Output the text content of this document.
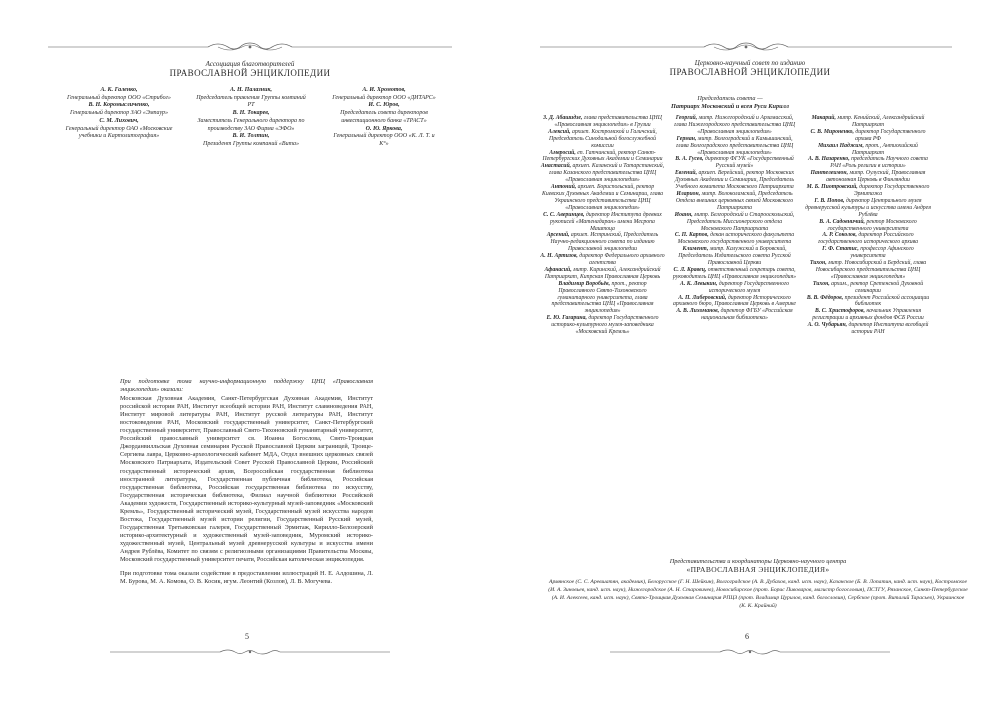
Ассоциация благотворителей
ПРАВОСЛАВНОЙ ЭНЦИКЛОПЕДИИ
А. К. Галенко,
Генеральный директор ООО «Стрибог»
В. Н. Коромысличенко,
Генеральный директор ЗАО «Эмпаур»
С. М. Лихович,
Генеральный директор ОАО «Московские учебники и Картолитография»
А. Н. Палазник,
Председатель правления Группы компаний РТ
В. Н. Токарев,
Заместитель Генерального директора по производству ЗАО Фирма «ЭФО»
В. И. Толтин,
Президент Группы компаний «Вита»
А. И. Хромотов,
Генеральный директор ООО «ДИТАРС»
И. С. Юров,
Председатель совета директоров инвестиционного банка «ТРАСТ»
О. Ю. Яркова,
Генеральный директор ООО «К. Л. Т. и К°»

При подготовке тома научно-информационную поддержку ЦНЦ «Православная энциклопедия» оказали:

Московская Духовная Академия, Санкт-Петербургская Духовная Академия, Институт российской истории РАН, Институт всеобщей истории РАН, Институт славяноведения РАН, Институт мировой литературы РАН, Институт русской литературы РАН, Институт востоковедения РАН, Московский государственный университет, Санкт-Петербургский государственный университет, Православный Свято-Тихоновский гуманитарный университет, Российский православный университет св. Иоанна Богослова, Свято-Троицкая Джорданвилльская Духовная семинария Русской Православной Церкви заграницей, Троице-Сергиева лавра, Церковно-археологический кабинет МДА, Отдел внешних церковных связей Московского Патриархата, Издательский Совет Русской Православной Церкви, Российский государственный исторический архив, Всероссийская государственная библиотека иностранной литературы, Государственная публичная библиотека, Российская государственная библиотека, Российская государственная библиотека по искусству, Государственная историческая библиотека, Филиал научной библиотеки Российской Академии художеств, Государственный историко-культурный музей-заповедник «Московский Кремль», Государственный исторический музей, Государственный музей искусства народов Востока, Государственный музей истории религии, Государственный Русский музей, Государственная Третьяковская галерея, Государственный Эрмитаж, Кирилло-Белозерский историко-архитектурный и художественный музей-заповедник, Муромский историко-художественный музей, Центральный музей древнерусской культуры и искусства имени Андрея Рублёва, Комитет по связям с религиозными организациями Правительства Москвы, Московский государственный университет печати, Российская католическая энциклопедия.

При подготовке тома оказали содействие в предоставлении иллюстраций Н. Е. Алдошина, Л. М. Бурова, М. А. Комова, О. В. Косик, игум. Леонтий (Козлов), Л. В. Могучева.

5
Церковно-научный совет по изданию
ПРАВОСЛАВНОЙ ЭНЦИКЛОПЕДИИ
Председатель совета —
Патриарх Московский и всея Руси Кирилл
З. Д. Абашидзе, глава представительства ЦНЦ «Православная энциклопедия» в Грузии
Алексий, архиеп. Костромской и Галичский, Председатель Синодальной богослужебной комиссии
Амвросий, еп. Гатчинский, ректор Санкт-Петербургских Духовных Академии и Семинарии
Анастасий, архиеп. Казанский и Татарстанский, глава Казанского представительства ЦНЦ «Православная энциклопедия»
Антоний, архиеп. Бориспольский, ректор Киевских Духовных Академии и Семинарии, глава Украинского представительства ЦНЦ «Православная энциклопедия»
С. С. Аверинцев, директор Института древних рукописей «Матенадаран» имени Месропа Маштоца
Арсений, архиеп. Истринский, Председатель Научно-редакционного совета по изданию Православной энциклопедии
А. Н. Артизов, директор Федерального архивного агентства
Афанасий, митр. Киринский, Александрийский Патриархат, Кипрская Православная Церковь
Владимир Воробьёв, прот., ректор Православного Свято-Тихоновского гуманитарного университета, глава представительства ЦНЦ «Православная энциклопедия»
Е. Ю. Гагарина, директор Государственного историко-культурного музея-заповедника «Московский Кремль»
Георгий, митр. Нижегородский и Арзамасский, глава Нижегородского представительства ЦНЦ «Православная энциклопедия»
Герман, митр. Волгоградский и Камышинский, глава Волгоградского представительства ЦНЦ «Православная энциклопедия»
В. А. Гусев, директор ФГУК «Государственный Русский музей»
Евгений, архиеп. Верейский, ректор Московских Духовных Академии и Семинарии, Председатель Учебного комитета Московского Патриархата
Иларион, митр. Волоколамский, Председатель Отдела внешних церковных связей Московского Патриархата
Иоанн, митр. Белгородский и Старооскольский, Председатель Миссионерского отдела Московского Патриархата
С. П. Карпов, декан исторического факультета Московского государственного университета
Климент, митр. Калужский и Боровский, Председатель Издательского совета Русской Православной Церкви
С. Л. Кравец, ответственный секретарь совета, руководитель ЦНЦ «Православная энциклопедия»
А. К. Левыкин, директор Государственного исторического музея
А. П. Либеровский, директор Исторического архивного бюро, Православная Церковь в Америке
А. В. Лихоманов, директор ФГБУ «Российская национальная библиотека»
Макарий, митр. Кенийский, Александрийский Патриархат
С. В. Мироненко, директор Государственного архива РФ
Михаил Наджим, прот., Антиохийский Патриархат
А. В. Назаренко, председатель Научного совета РАН «Роль религии в истории»
Пантелеимон, митр. Оулуский, Православная автономная Церковь в Финляндии
М. Б. Пиотровский, директор Государственного Эрмитажа
Г. В. Попов, директор Центрального музея древнерусской культуры и искусства имени Андрея Рублёва
В. А. Садовничий, ректор Московского государственного университета
А. Р. Соколов, директор Российского государственного исторического архива
Г. Ф. Статис, профессор Афинского университета
Тихон, митр. Новосибирский и Бердский, глава Новосибирского представительства ЦНЦ «Православная энциклопедия»
Тихон, архим., ректор Сретенской Духовной семинарии
В. В. Фёдоров, президент Российской ассоциации библиотек
В. С. Христофоров, начальник Управления регистрации и архивных фондов ФСБ России
А. О. Чубарьян, директор Института всеобщей истории РАН
Представительства и координаторы Церковно-научного центра
«ПРАВОСЛАВНАЯ ЭНЦИКЛОПЕДИЯ»
Армянское (С. С. Аревшатян, академик), Белорусское (Г. Н. Шейкин), Волгоградское (А. В. Дубахов, канд. ист. наук), Казанское (Б. В. Лопатин, канд. ист. наук), Костромское (И. А. Зиновьев, канд. ист. наук), Нижегородское (А. Н. Старовичев), Новосибирское (прот. Борис Пивоваров, магистр богословия), ПСТГУ, Рязанское, Санкт-Петербургское (А. И. Алексеев, канд. ист. наук), Свято-Троицкая Духовная Семинария РПЦЗ (прот. Владимир Цурилов, канд. богословия), Сербское (прот. Виталий Тарасьев), Украинское (К. К. Крайний)
6
